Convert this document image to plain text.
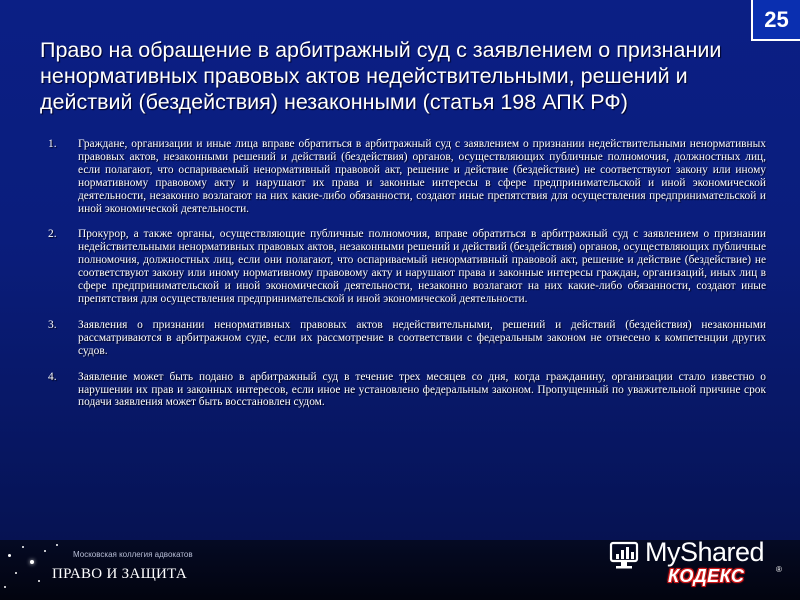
25
Право на обращение в арбитражный суд с заявлением о признании ненормативных правовых актов недействительными, решений и действий (бездействия) незаконными (статья 198 АПК РФ)
1. Граждане, организации и иные лица вправе обратиться в арбитражный суд с заявлением о признании недействительными ненормативных правовых актов, незаконными решений и действий (бездействия) органов, осуществляющих публичные полномочия, должностных лиц, если полагают, что оспариваемый ненормативный правовой акт, решение и действие (бездействие) не соответствуют закону или иному нормативному правовому акту и нарушают их права и законные интересы в сфере предпринимательской и иной экономической деятельности, незаконно возлагают на них какие-либо обязанности, создают иные препятствия для осуществления предпринимательской и иной экономической деятельности.
2. Прокурор, а также органы, осуществляющие публичные полномочия, вправе обратиться в арбитражный суд с заявлением о признании недействительными ненормативных правовых актов, незаконными решений и действий (бездействия) органов, осуществляющих публичные полномочия, должностных лиц, если они полагают, что оспариваемый ненормативный правовой акт, решение и действие (бездействие) не соответствуют закону или иному нормативному правовому акту и нарушают права и законные интересы граждан, организаций, иных лиц в сфере предпринимательской и иной экономической деятельности, незаконно возлагают на них какие-либо обязанности, создают иные препятствия для осуществления предпринимательской и иной экономической деятельности.
3. Заявления о признании ненормативных правовых актов недействительными, решений и действий (бездействия) незаконными рассматриваются в арбитражном суде, если их рассмотрение в соответствии с федеральным законом не отнесено к компетенции других судов.
4. Заявление может быть подано в арбитражный суд в течение трех месяцев со дня, когда гражданину, организации стало известно о нарушении их прав и законных интересов, если иное не установлено федеральным законом. Пропущенный по уважительной причине срок подачи заявления может быть восстановлен судом.
Московская коллегия адвокатов
ПРАВО И ЗАЩИТА
MyShared
КОДЕКС	®
